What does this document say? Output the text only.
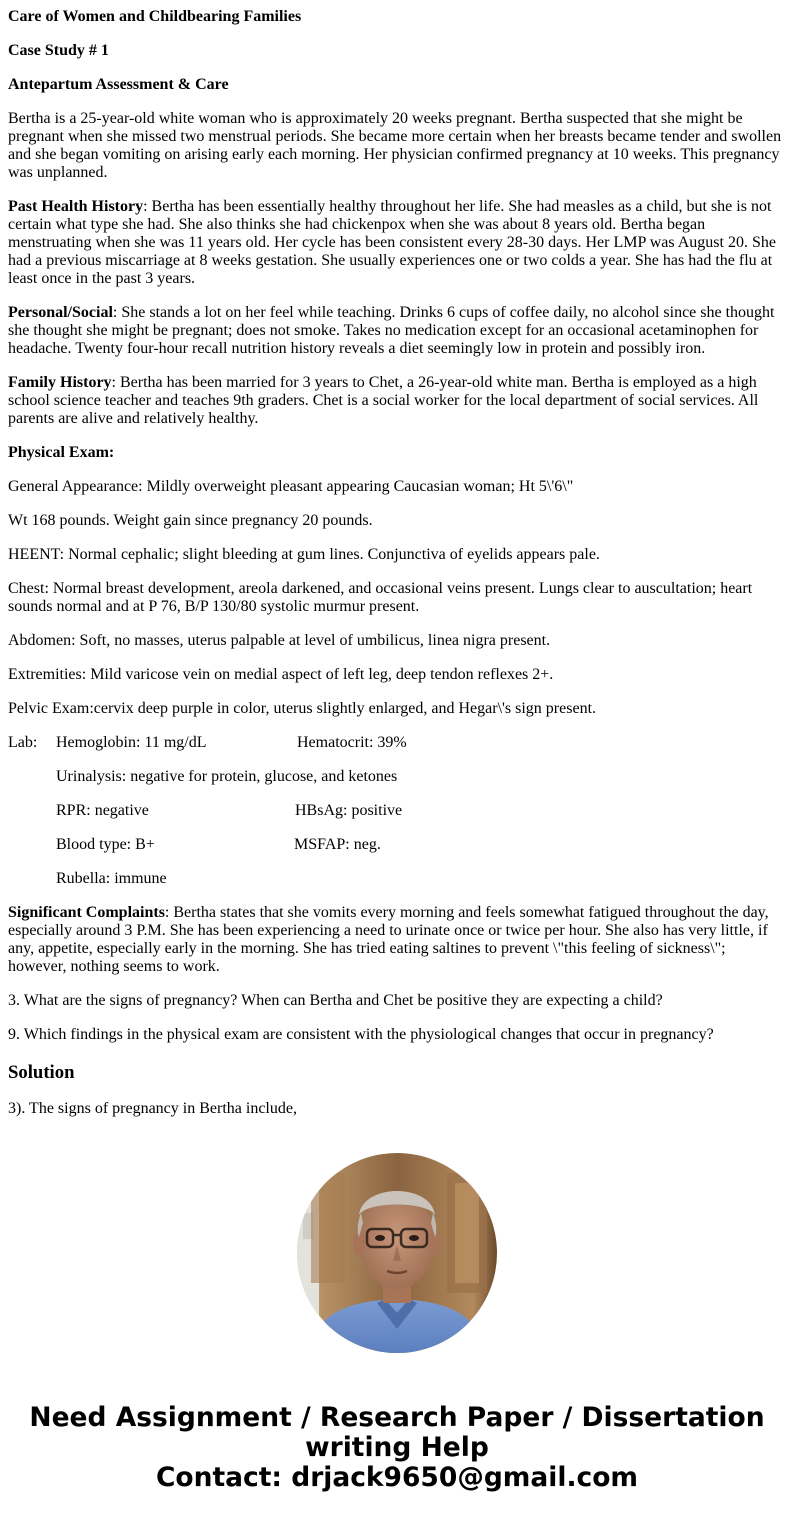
Care of Women and Childbearing Families

Case Study # 1

Antepartum Assessment & Care

Bertha is a 25-year-old white woman who is approximately 20 weeks pregnant. Bertha suspected that she might be pregnant when she missed two menstrual periods. She became more certain when her breasts became tender and swollen and she began vomiting on arising early each morning. Her physician confirmed pregnancy at 10 weeks. This pregnancy was unplanned.

Past Health History: Bertha has been essentially healthy throughout her life. She had measles as a child, but she is not certain what type she had. She also thinks she had chickenpox when she was about 8 years old. Bertha began menstruating when she was 11 years old. Her cycle has been consistent every 28-30 days. Her LMP was August 20. She had a previous miscarriage at 8 weeks gestation. She usually experiences one or two colds a year. She has had the flu at least once in the past 3 years.

Personal/Social: She stands a lot on her feel while teaching. Drinks 6 cups of coffee daily, no alcohol since she thought she thought she might be pregnant; does not smoke. Takes no medication except for an occasional acetaminophen for headache. Twenty four-hour recall nutrition history reveals a diet seemingly low in protein and possibly iron.

Family History: Bertha has been married for 3 years to Chet, a 26-year-old white man. Bertha is employed as a high school science teacher and teaches 9th graders. Chet is a social worker for the local department of social services. All parents are alive and relatively healthy.

Physical Exam:

General Appearance: Mildly overweight pleasant appearing Caucasian woman; Ht 5\'6\"

Wt 168 pounds. Weight gain since pregnancy 20 pounds.

HEENT: Normal cephalic; slight bleeding at gum lines. Conjunctiva of eyelids appears pale.

Chest: Normal breast development, areola darkened, and occasional veins present. Lungs clear to auscultation; heart sounds normal and at P 76, B/P 130/80 systolic murmur present.

Abdomen: Soft, no masses, uterus palpable at level of umbilicus, linea nigra present.

Extremities: Mild varicose vein on medial aspect of left leg, deep tendon reflexes 2+.

Pelvic Exam:cervix deep purple in color, uterus slightly enlarged, and Hegar\'s sign present.

Lab:	Hemoglobin: 11 mg/dL	Hematocrit: 39%
Urinalysis: negative for protein, glucose, and ketones
RPR: negative	HBsAg: positive
Blood type: B+	MSFAP: neg.
Rubella: immune

Significant Complaints: Bertha states that she vomits every morning and feels somewhat fatigued throughout the day, especially around 3 P.M. She has been experiencing a need to urinate once or twice per hour. She also has very little, if any, appetite, especially early in the morning. She has tried eating saltines to prevent \"this feeling of sickness\"; however, nothing seems to work.

3. What are the signs of pregnancy? When can Bertha and Chet be positive they are expecting a child?

9. Which findings in the physical exam are consistent with the physiological changes that occur in pregnancy?

Solution

3). The signs of pregnancy in Bertha include,

Need Assignment / Research Paper / Dissertation
writing Help
Contact: drjack9650@gmail.com
